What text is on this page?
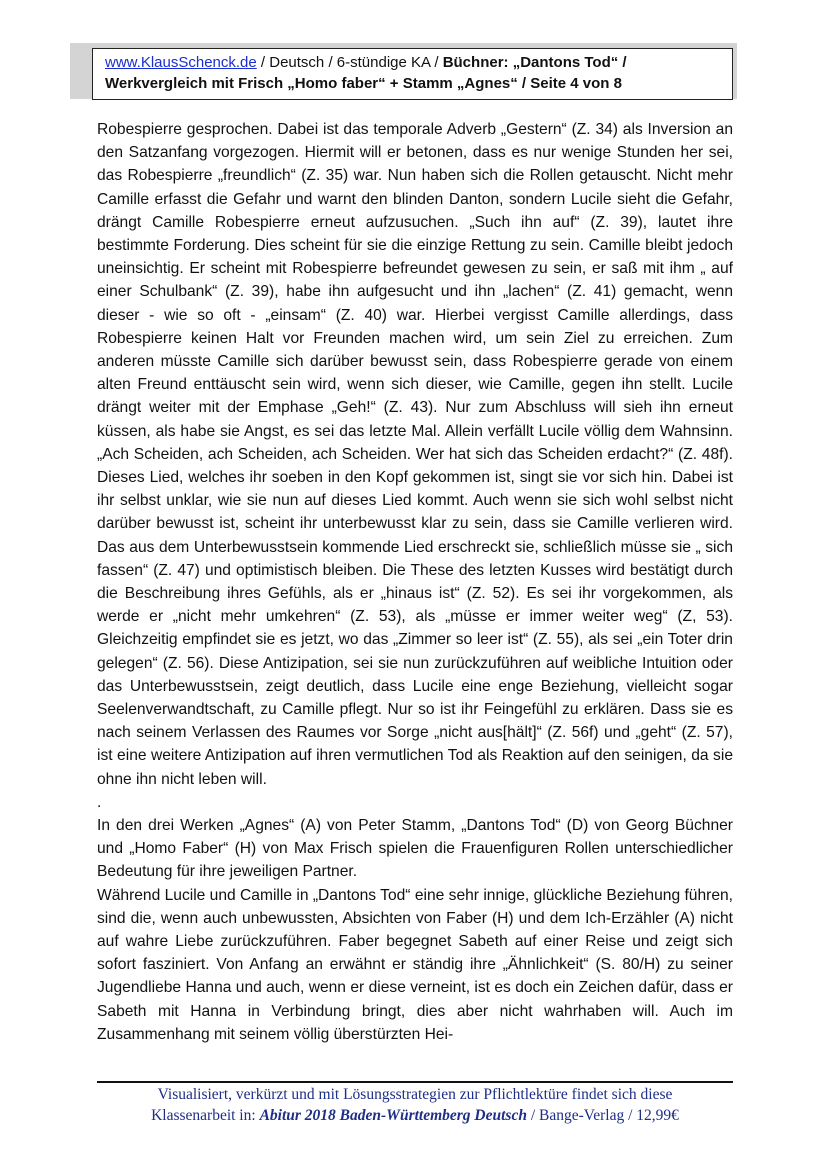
www.KlausSchenck.de / Deutsch / 6-stündige KA / Büchner: „Dantons Tod“ /
Werkvergleich mit Frisch „Homo faber“ + Stamm „Agnes“ / Seite 4 von 8

Robespierre gesprochen. Dabei ist das temporale Adverb „Gestern“ (Z. 34) als Inversion an den Satzanfang vorgezogen. Hiermit will er betonen, dass es nur wenige Stunden her sei, das Robespierre „freundlich“ (Z. 35) war. Nun haben sich die Rollen getauscht. Nicht mehr Camille erfasst die Gefahr und warnt den blinden Danton, sondern Lucile sieht die Gefahr, drängt Camille Robespierre erneut aufzusuchen. „Such ihn auf“ (Z. 39), lautet ihre bestimmte Forderung. Dies scheint für sie die einzige Rettung zu sein. Camille bleibt jedoch uneinsichtig. Er scheint mit Robespierre befreundet gewesen zu sein, er saß mit ihm „ auf einer Schulbank“ (Z. 39), habe ihn aufgesucht und ihn „lachen“ (Z. 41) gemacht, wenn dieser - wie so oft - „einsam“ (Z. 40) war. Hierbei vergisst Camille allerdings, dass Robespierre keinen Halt vor Freunden machen wird, um sein Ziel zu erreichen. Zum anderen müsste Camille sich darüber bewusst sein, dass Robespierre gerade von einem alten Freund enttäuscht sein wird, wenn sich dieser, wie Camille, gegen ihn stellt. Lucile drängt weiter mit der Emphase „Geh!“ (Z. 43). Nur zum Abschluss will sieh ihn erneut küssen, als habe sie Angst, es sei das letzte Mal. Allein verfällt Lucile völlig dem Wahnsinn. „Ach Scheiden, ach Scheiden, ach Scheiden. Wer hat sich das Scheiden erdacht?“ (Z. 48f). Dieses Lied, welches ihr soeben in den Kopf gekommen ist, singt sie vor sich hin. Dabei ist ihr selbst unklar, wie sie nun auf dieses Lied kommt. Auch wenn sie sich wohl selbst nicht darüber bewusst ist, scheint ihr unterbewusst klar zu sein, dass sie Camille verlieren wird. Das aus dem Unterbewusstsein kommende Lied erschreckt sie, schließlich müsse sie „ sich fassen“ (Z. 47) und optimistisch bleiben. Die These des letzten Kusses wird bestätigt durch die Beschreibung ihres Gefühls, als er „hinaus ist“ (Z. 52). Es sei ihr vorgekommen, als werde er „nicht mehr umkehren“ (Z. 53), als „müsse er immer weiter weg“ (Z, 53). Gleichzeitig empfindet sie es jetzt, wo das „Zimmer so leer ist“ (Z. 55), als sei „ein Toter drin gelegen“ (Z. 56). Diese Antizipation, sei sie nun zurückzuführen auf weibliche Intuition oder das Unterbewusstsein, zeigt deutlich, dass Lucile eine enge Beziehung, vielleicht sogar Seelenverwandtschaft, zu Camille pflegt. Nur so ist ihr Feingefühl zu erklären. Dass sie es nach seinem Verlassen des Raumes vor Sorge „nicht aus[hält]“ (Z. 56f) und „geht“ (Z. 57), ist eine weitere Antizipation auf ihren vermutlichen Tod als Reaktion auf den seinigen, da sie ohne ihn nicht leben will.

.

In den drei Werken „Agnes“ (A) von Peter Stamm, „Dantons Tod“ (D) von Georg Büchner und „Homo Faber“ (H) von Max Frisch spielen die Frauenfiguren Rollen unterschiedlicher Bedeutung für ihre jeweiligen Partner.

Während Lucile und Camille in „Dantons Tod“ eine sehr innige, glückliche Beziehung führen, sind die, wenn auch unbewussten, Absichten von Faber (H) und dem Ich-Erzähler (A) nicht auf wahre Liebe zurückzuführen. Faber begegnet Sabeth auf einer Reise und zeigt sich sofort fasziniert. Von Anfang an erwähnt er ständig ihre „Ähnlichkeit“ (S. 80/H) zu seiner Jugendliebe Hanna und auch, wenn er diese verneint, ist es doch ein Zeichen dafür, dass er Sabeth mit Hanna in Verbindung bringt, dies aber nicht wahrhaben will. Auch im Zusammenhang mit seinem völlig überstürzten Hei-

Visualisiert, verkürzt und mit Lösungsstrategien zur Pflichtlektüre findet sich diese
Klassenarbeit in: Abitur 2018 Baden-Württemberg Deutsch / Bange-Verlag / 12,99€
